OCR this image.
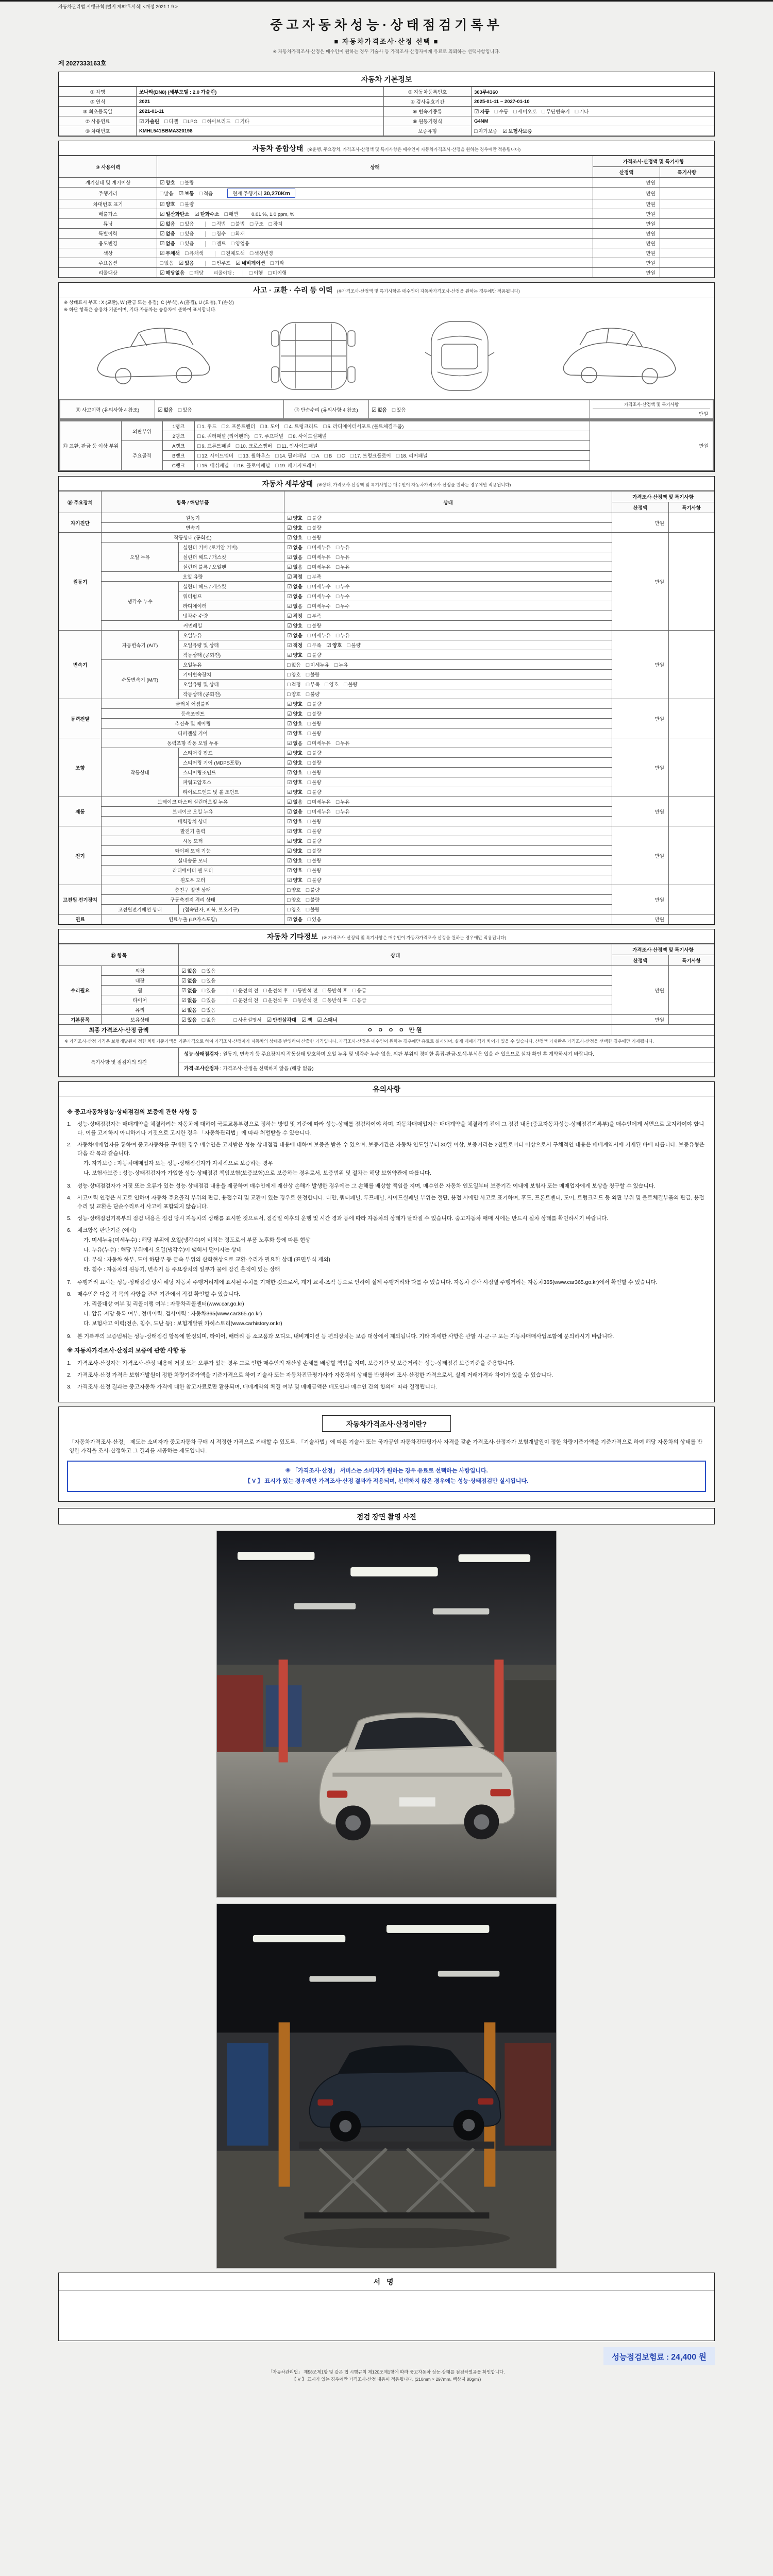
자동차관리법 시행규칙 [별지 제82호서식] <개정 2021.1.9.>
중고자동차성능·상태점검기록부
■ 자동차가격조사·산정 선택 ■
※ 자동차가격조사·산정은 매수인이 원하는 경우 기술사 등 가격조사·산정자에게 유료로 의뢰하는 선택사항입니다.
제 2027333163호
자동차 기본정보
① 차명	쏘나타(DN8) (세부모델 : 2.0 가솔린)	② 자동차등록번호	303루4360
③ 연식	2021	④ 검사유효기간	2025-01-11 ~ 2027-01-10
⑤ 최초등록일	2021-01-11	⑥ 변속기종류	☑ 자동 □ 수동 □ 세미오토 □ 무단변속기 □ 기타
⑦ 사용연료	☑ 가솔린 □ 디젤 □ LPG □ 하이브리드 □ 기타	⑧ 원동기형식	G4NM
⑨ 차대번호	KMHL541BBMA320198	보증유형	□ 자가보증 ☑ 보험사보증
자동차 종합상태 (※운행, 주요장치, 가격조사·산정액 및 특기사항은 매수인이 자동차가격조사·산정을 원하는 경우에만 적용됩니다)
⑩ 사용이력	상태	가격조사·산정액 및 특기사항	
		산정액	특기사항
계기상태 및 계기이상	☑ 양호 □ 불량	만원	
주행거리	□ 많음 ☑ 보통 □ 적음 현재 주행거리 30,270Km	만원	
차대번호 표기	☑ 양호 □ 불량	만원	
배출가스	☑ 일산화탄소 ☑ 탄화수소 □ 매연 0.01 %, 1.0 ppm, %	만원	
튜닝	☑ 없음 □ 있음 □ 적법 □ 불법 □ 구조 □ 장치	만원	
특별이력	☑ 없음 □ 있음 □ 침수 □ 화재	만원	
용도변경	☑ 없음 □ 있음 □ 렌트 □ 영업용	만원	
색상	☑ 무채색 □ 유채색 □ 전체도색 □ 색상변경	만원	
주요옵션	□ 없음 ☑ 있음 □ 썬루프 ☑ 네비게이션 □ 기타	만원	
리콜대상	☑ 해당없음 □ 해당 리콜이행 : □ 이행 □ 미이행	만원	
사고 · 교환 · 수리 등 이력 (※가격조사·산정액 및 특기사항은 매수인이 자동차가격조사·산정을 원하는 경우에만 적용됩니다)
※ 상태표시 부호 : X (교환), W (판금 또는 용접), C (부식), A (흠집), U (요철), T (손상)
※ 하단 항목은 승용차 기준이며, 기타 자동차는 승용차에 준하여 표시합니다.
⑪ 사고이력 (유의사항 4 참조)	☑ 없음 □ 있음	⑫ 단순수리 (유의사항 4 참조)	☑ 없음 □ 있음	
가격조사·산정액 및 특기사항
만원
⑬ 교환, 판금 등 이상 부위	외판부위	1랭크	□ 1. 후드 □ 2. 프론트펜더 □ 3. 도어 □ 4. 트렁크리드 □ 5. 라디에이터서포트 (볼트체결부품)	만원
		2랭크	□ 6. 쿼터패널 (리어펜더) □ 7. 루프패널 □ 8. 사이드실패널	
	주요골격	A랭크	□ 9. 프론트패널 □ 10. 크로스멤버 □ 11. 인사이드패널	
		B랭크	□ 12. 사이드멤버 □ 13. 휠하우스 □ 14. 필러패널 □ A □ B □ C □ 17. 트렁크플로어 □ 18. 리어패널	
		C랭크	□ 15. 대쉬패널 □ 16. 플로어패널 □ 19. 패키지트레이	
자동차 세부상태 (※상태, 가격조사·산정액 및 특기사항은 매수인이 자동차가격조사·산정을 원하는 경우에만 적용됩니다)
⑭ 주요장치	항목 / 해당부품		상태	가격조사·산정액 및 특기사항	
				산정액	특기사항
자기진단	원동기		☑ 양호 □ 불량	만원	
	변속기		☑ 양호 □ 불량		
원동기	작동상태 (공회전)		☑ 양호 □ 불량	만원	
	오일 누유	실린더 커버 (로커암 커버)	☑ 없음 □ 미세누유 □ 누유		
		실린더 헤드 / 개스킷	☑ 없음 □ 미세누유 □ 누유		
		실린더 블록 / 오일팬	☑ 없음 □ 미세누유 □ 누유		
	오일 유량		☑ 적정 □ 부족		
	냉각수 누수	실린더 헤드 / 개스킷	☑ 없음 □ 미세누수 □ 누수		
		워터펌프	☑ 없음 □ 미세누수 □ 누수		
		라디에이터	☑ 없음 □ 미세누수 □ 누수		
		냉각수 수량	☑ 적정 □ 부족		
	커먼레일		☑ 양호 □ 불량		
변속기	자동변속기 (A/T)	오일누유	☑ 없음 □ 미세누유 □ 누유	만원	
		오일유량 및 상태	☑ 적정 □ 부족 ☑ 양호 □ 불량		
		작동상태 (공회전)	☑ 양호 □ 불량		
	수동변속기 (M/T)	오일누유	□ 없음 □ 미세누유 □ 누유		
		기어변속장치	□ 양호 □ 불량		
		오일유량 및 상태	□ 적정 □ 부족 □ 양호 □ 불량		
		작동상태 (공회전)	□ 양호 □ 불량		
동력전달	클러치 어셈블리		☑ 양호 □ 불량	만원	
	등속조인트		☑ 양호 □ 불량		
	추진축 및 베어링		☑ 양호 □ 불량		
	디퍼렌셜 기어		☑ 양호 □ 불량		
조향	동력조향 작동 오일 누유		☑ 없음 □ 미세누유 □ 누유	만원	
	작동상태	스티어링 펌프	☑ 양호 □ 불량		
		스티어링 기어 (MDPS포함)	☑ 양호 □ 불량		
		스티어링조인트	☑ 양호 □ 불량		
		파워고압호스	☑ 양호 □ 불량		
		타이로드엔드 및 볼 조인트	☑ 양호 □ 불량		
제동	브레이크 마스터 실린더오일 누유		☑ 없음 □ 미세누유 □ 누유	만원	
	브레이크 오일 누유		☑ 없음 □ 미세누유 □ 누유		
	배력장치 상태		☑ 양호 □ 불량		
전기	발전기 출력		☑ 양호 □ 불량	만원	
	시동 모터		☑ 양호 □ 불량		
	와이퍼 모터 기능		☑ 양호 □ 불량		
	실내송풍 모터		☑ 양호 □ 불량		
	라디에이터 팬 모터		☑ 양호 □ 불량		
	윈도우 모터		☑ 양호 □ 불량		
고전원 전기장치	충전구 절연 상태		□ 양호 □ 불량	만원	
	구동축전지 격리 상태		□ 양호 □ 불량		
	고전원전기배선 상태	(접속단자, 피복, 보호기구)	□ 양호 □ 불량		
연료	연료누출 (LP가스포함)		☑ 없음 □ 있음	만원	
자동차 기타정보 (※ 가격조사·산정액 및 특기사항은 매수인이 자동차가격조사·산정을 원하는 경우에만 적용됩니다)
⑮ 항목		상태	가격조사·산정액 및 특기사항	
			산정액	특기사항
수리필요	외장	☑ 없음 □ 있음	만원	
	내장	☑ 없음 □ 있음		
	휠	☑ 없음 □ 있음 □ 운전석 전 □ 운전석 후 □ 동반석 전 □ 동반석 후 □ 응급		
	타이어	☑ 없음 □ 있음 □ 운전석 전 □ 운전석 후 □ 동반석 전 □ 동반석 후 □ 응급		
	유리	☑ 없음 □ 있음		
기본품목	보유상태	☑ 있음 □ 없음 □ 사용설명서 ☑ 안전삼각대 ☑ 잭 ☑ 스패너	만원	
최종 가격조사·산정 금액		ㅇ ㅇ ㅇ ㅇ 만원		
※ 가격조사·산정 가격은 보험개발원이 정한 차량기준가액을 기준가격으로 하여 가격조사·산정자가 자동차의 상태를 반영하여 산출한 가격입니다. 가격조사·산정은 매수인이 원하는 경우에만 유료로 실시되며, 실제 매매가격과 차이가 있을 수 있습니다. 산정액 기재란은 가격조사·산정을 선택한 경우에만 기재됩니다.				
특기사항 및 점검자의 의견		성능·상태점검자 : 원동기, 변속기 등 주요장치의 작동상태 양호하며 오일 누유 및 냉각수 누수 없음. 외판 부위의 경미한 흠집·판금·도색·부식은 있을 수 있으므로 실차 확인 후 계약하시기 바랍니다.		
		가격·조사산정자 : 가격조사·산정을 선택하지 않음 (해당 없음)		
유의사항
※ 중고자동차성능·상태점검의 보증에 관한 사항 등
1.	성능·상태점검자는 매매계약을 체결하려는 자동차에 대하여 국토교통부령으로 정하는 방법 및 기준에 따라 성능·상태를 점검하여야 하며, 자동차매매업자는 매매계약을 체결하기 전에 그 점검 내용(중고자동차성능·상태점검기록부)을 매수인에게 서면으로 고지하여야 합니다. 이를 고지하지 아니하거나 거짓으로 고지한 경우 「자동차관리법」에 따라 처벌받을 수 있습니다.
2.	자동차매매업자를 통하여 중고자동차를 구매한 경우 매수인은 고지받은 성능·상태점검 내용에 대하여 보증을 받을 수 있으며, 보증기간은 자동차 인도일부터 30일 이상, 보증거리는 2천킬로미터 이상으로서 구체적인 내용은 매매계약서에 기재된 바에 따릅니다. 보증유형은 다음 각 목과 같습니다.
가. 자가보증 : 자동차매매업자 또는 성능·상태점검자가 자체적으로 보증하는 경우
나. 보험사보증 : 성능·상태점검자가 가입한 성능·상태점검 책임보험(보증보험)으로 보증하는 경우로서, 보증범위 및 절차는 해당 보험약관에 따릅니다.
3.	성능·상태점검자가 거짓 또는 오류가 있는 성능·상태점검 내용을 제공하여 매수인에게 재산상 손해가 발생한 경우에는 그 손해를 배상할 책임을 지며, 매수인은 자동차 인도일부터 보증기간 이내에 보험사 또는 매매업자에게 보상을 청구할 수 있습니다.
4.	사고이력 인정은 사고로 인하여 자동차 주요골격 부위의 판금, 용접수리 및 교환이 있는 경우로 한정합니다. 다만, 쿼터패널, 루프패널, 사이드실패널 부위는 절단, 용접 시에만 사고로 표기하며, 후드, 프론트펜더, 도어, 트렁크리드 등 외판 부위 및 볼트체결부품의 판금, 용접수리 및 교환은 단순수리로서 사고에 포함되지 않습니다.
5.	성능·상태점검기록부의 점검 내용은 점검 당시 자동차의 상태를 표시한 것으로서, 점검일 이후의 운행 및 시간 경과 등에 따라 자동차의 상태가 달라질 수 있습니다. 중고자동차 매매 시에는 반드시 실차 상태를 확인하시기 바랍니다.
6.	체크항목 판단기준 (예시)
가. 미세누유(미세누수) : 해당 부위에 오일(냉각수)이 비치는 정도로서 부품 노후화 등에 따른 현상
나. 누유(누수) : 해당 부위에서 오일(냉각수)이 맺혀서 떨어지는 상태
다. 부식 : 자동차 하부, 도어 하단부 등 금속 부위의 산화현상으로 교환·수리가 필요한 상태 (표면부식 제외)
라. 침수 : 자동차의 원동기, 변속기 등 주요장치의 일부가 물에 잠긴 흔적이 있는 상태
7.	주행거리 표시는 성능·상태점검 당시 해당 자동차 주행거리계에 표시된 수치를 기재한 것으로서, 계기 교체·조작 등으로 인하여 실제 주행거리와 다를 수 있습니다. 자동차 검사 시점별 주행거리는 자동차365(www.car365.go.kr)에서 확인할 수 있습니다.
8.	매수인은 다음 각 목의 사항을 관련 기관에서 직접 확인할 수 있습니다.
가. 리콜대상 여부 및 리콜이행 여부 : 자동차리콜센터(www.car.go.kr)
나. 압류·저당 등록 여부, 정비이력, 검사이력 : 자동차365(www.car365.go.kr)
다. 보험사고 이력(전손, 침수, 도난 등) : 보험개발원 카히스토리(www.carhistory.or.kr)
9.	본 기록부의 보증범위는 성능·상태점검 항목에 한정되며, 타이어, 배터리 등 소모품과 오디오, 내비게이션 등 편의장치는 보증 대상에서 제외됩니다. 기타 자세한 사항은 관할 시·군·구 또는 자동차매매사업조합에 문의하시기 바랍니다.
※ 자동차가격조사·산정의 보증에 관한 사항 등
1.	가격조사·산정자는 가격조사·산정 내용에 거짓 또는 오류가 있는 경우 그로 인한 매수인의 재산상 손해를 배상할 책임을 지며, 보증기간 및 보증거리는 성능·상태점검 보증기준을 준용합니다.
2.	가격조사·산정 가격은 보험개발원이 정한 차량기준가액을 기준가격으로 하여 기술사 또는 자동차진단평가사가 자동차의 상태를 반영하여 조사·산정한 가격으로서, 실제 거래가격과 차이가 있을 수 있습니다.
3.	가격조사·산정 결과는 중고자동차 가격에 대한 참고자료로만 활용되며, 매매계약의 체결 여부 및 매매금액은 매도인과 매수인 간의 합의에 따라 결정됩니다.
자동차가격조사·산정이란?
「자동차가격조사·산정」 제도는 소비자가 중고자동차 구매 시 적정한 가격으로 거래할 수 있도록, 「기술사법」에 따른 기술사 또는 국가공인 자동차진단평가사 자격을 갖춘 가격조사·산정자가 보험개발원이 정한 차량기준가액을 기준가격으로 하여 해당 자동차의 상태를 반영한 가격을 조사·산정하고 그 결과를 제공하는 제도입니다.
※ 「가격조사·산정」 서비스는 소비자가 원하는 경우 유료로 선택하는 사항입니다.
【 V 】 표시가 있는 경우에만 가격조사·산정 결과가 적용되며, 선택하지 않은 경우에는 성능·상태점검만 실시됩니다.
점검 장면 촬영 사진
서명
성능점검보험료 : 24,400 원
「자동차관리법」 제58조제1항 및 같은 법 시행규칙 제120조제1항에 따라 중고자동차 성능·상태를 점검하였음을 확인합니다.
【 V 】 표시가 있는 경우에만 가격조사·산정 내용이 적용됩니다. (210mm × 297mm, 백상지 80g/㎡)
